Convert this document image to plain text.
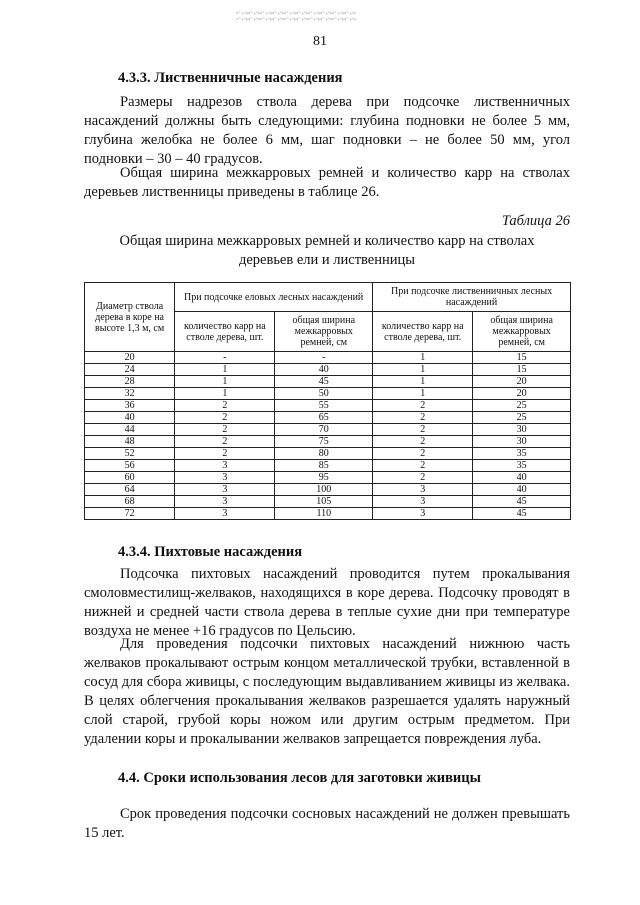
81
4.3.3. Лиственничные насаждения

Размеры надрезов ствола дерева при подсочке лиственничных насаждений должны быть следующими: глубина подновки не более 5 мм, глубина желобка не более 6 мм, шаг подновки – не более 50 мм, угол подновки – 30 – 40 градусов.

Общая ширина межкарровых ремней и количество карр на стволах деревьев лиственницы приведены в таблице 26.

Таблица 26
Общая ширина межкарровых ремней и количество карр на стволах
деревьев ели и лиственницы
Диаметр ствола дерева в коре на высоте 1,3 м, см	При подсочке еловых лесных насаждений		При подсочке лиственничных лесных насаждений	
	количество карр на стволе дерева, шт.	общая ширина межкарровых ремней, см	количество карр на стволе дерева, шт.	общая ширина межкарровых ремней, см
20	-	-	1	15
24	1	40	1	15
28	1	45	1	20
32	1	50	1	20
36	2	55	2	25
40	2	65	2	25
44	2	70	2	30
48	2	75	2	30
52	2	80	2	35
56	3	85	2	35
60	3	95	2	40
64	3	100	3	40
68	3	105	3	45
72	3	110	3	45
4.3.4. Пихтовые насаждения

Подсочка пихтовых насаждений проводится путем прокалывания смоловместилищ-желваков, находящихся в коре дерева. Подсочку проводят в нижней и средней части ствола дерева в теплые сухие дни при температуре воздуха не менее +16 градусов по Цельсию.

Для проведения подсочки пихтовых насаждений нижнюю часть желваков прокалывают острым концом металлической трубки, вставленной в сосуд для сбора живицы, с последующим выдавливанием живицы из желвака. В целях облегчения прокалывания желваков разрешается удалять наружный слой старой, грубой коры ножом или другим острым предметом. При удалении коры и прокалывании желваков запрещается повреждения луба.

4.4. Сроки использования лесов для заготовки живицы

Срок проведения подсочки сосновых насаждений не должен превышать 15 лет.
